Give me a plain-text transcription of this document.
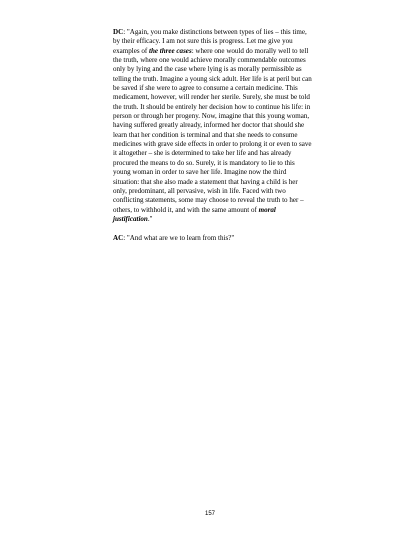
DC: "Again, you make distinctions between types of lies – this time, by their efficacy. I am not sure this is progress. Let me give you examples of the three cases: where one would do morally well to tell the truth, where one would achieve morally commendable outcomes only by lying and the case where lying is as morally permissible as telling the truth. Imagine a young sick adult. Her life is at peril but can be saved if she were to agree to consume a certain medicine. This medicament, however, will render her sterile. Surely, she must be told the truth. It should be entirely her decision how to continue his life: in person or through her progeny. Now, imagine that this young woman, having suffered greatly already, informed her doctor that should she learn that her condition is terminal and that she needs to consume medicines with grave side effects in order to prolong it or even to save it altogether – she is determined to take her life and has already procured the means to do so. Surely, it is mandatory to lie to this young woman in order to save her life. Imagine now the third situation: that she also made a statement that having a child is her only, predominant, all pervasive, wish in life. Faced with two conflicting statements, some may choose to reveal the truth to her – others, to withhold it, and with the same amount of moral justification."

AC: "And what are we to learn from this?"

157
